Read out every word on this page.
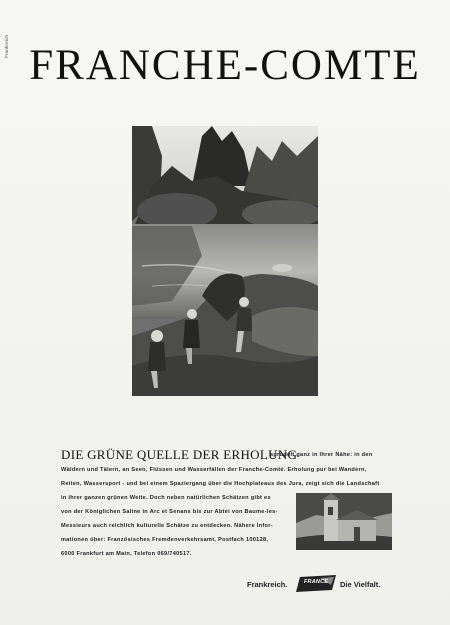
Frankreich FRANCHE-COMTE
DIE GRÜNE QUELLE DER ERHOLUNG
sprudelt ganz in Ihrer Nähe: in den
Wäldern und Tälern, an Seen, Flüssen und Wasserfällen der Franche-Comté. Erholung pur bei Wandern,
Reiten, Wassersport - und bei einem Spaziergang über die Hochplateaus des Jura, zeigt sich die Landschaft
in ihrer ganzen grünen Weite. Doch neben natürlichen Schätzen gibt es
von der Königlichen Saline in Arc et Senans bis zur Abtei von Baume-les-
Messieurs auch reichlich kulturelle Schätze zu entdecken. Nähere Infor-
mationen über: Französisches Fremdenverkehrsamt, Postfach 100128,
6000 Frankfurt am Main, Telefon 069/740517.
Frankreich.	FRANCE Die Vielfalt.
